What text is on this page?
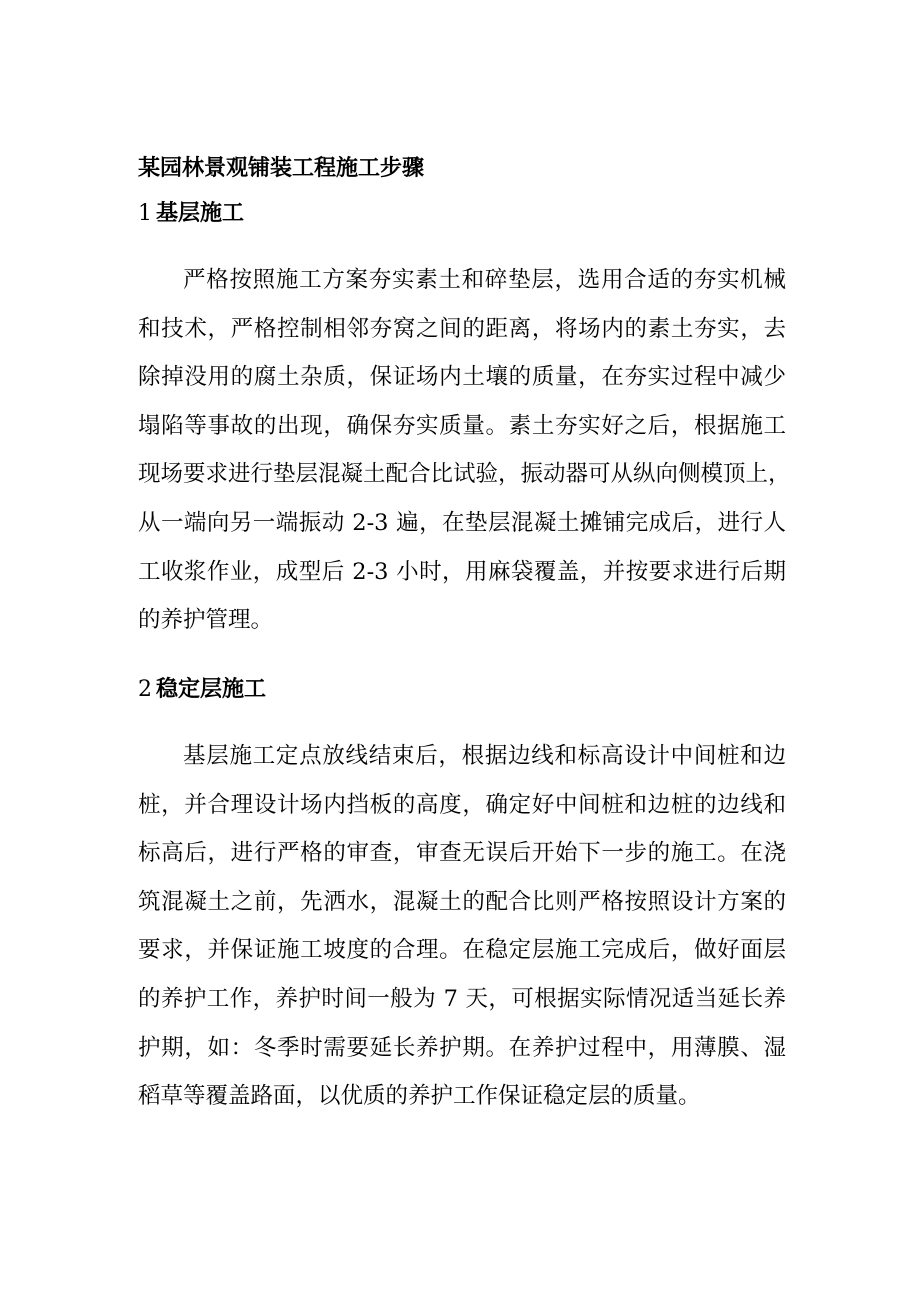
某园林景观铺装工程施工步骤
1 基层施工
严格按照施工方案夯实素土和碎垫层，选用合适的夯实机械
和技术，严格控制相邻夯窝之间的距离，将场内的素土夯实，去
除掉没用的腐土杂质，保证场内土壤的质量，在夯实过程中减少
塌陷等事故的出现，确保夯实质量。素土夯实好之后，根据施工
现场要求进行垫层混凝土配合比试验，振动器可从纵向侧模顶上，
从一端向另一端振动 2-3 遍，在垫层混凝土摊铺完成后，进行人
工收浆作业，成型后 2-3 小时，用麻袋覆盖，并按要求进行后期
的养护管理。
2 稳定层施工
基层施工定点放线结束后，根据边线和标高设计中间桩和边
桩，并合理设计场内挡板的高度，确定好中间桩和边桩的边线和
标高后，进行严格的审查，审查无误后开始下一步的施工。在浇
筑混凝土之前，先洒水，混凝土的配合比则严格按照设计方案的
要求，并保证施工坡度的合理。在稳定层施工完成后，做好面层
的养护工作，养护时间一般为 7 天，可根据实际情况适当延长养
护期，如：冬季时需要延长养护期。在养护过程中，用薄膜、湿
稻草等覆盖路面，以优质的养护工作保证稳定层的质量。
